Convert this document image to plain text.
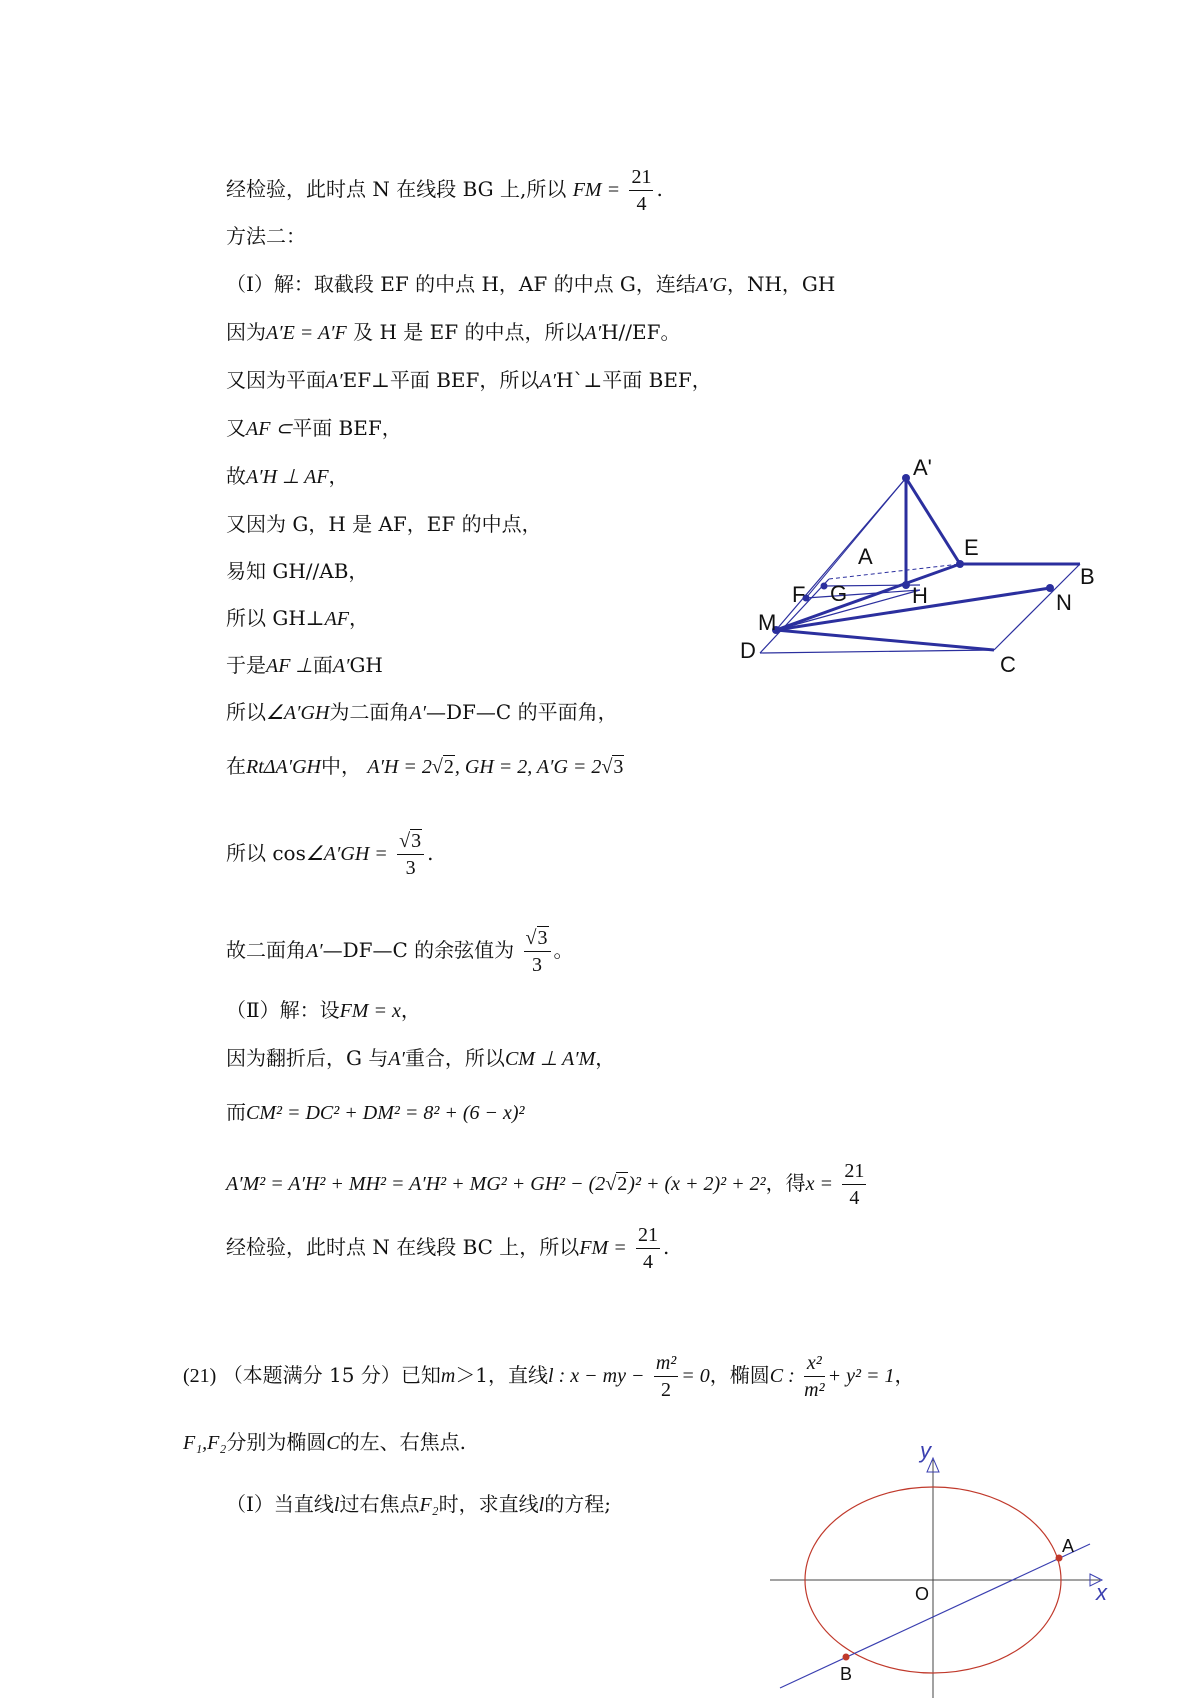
经检验，此时点 N 在线段 BG 上,所以 FM = $\frac{21}{4}$ .
方法二：
（Ⅰ）解：取截段 EF 的中点 H，AF 的中点 G，连结A′G，NH，GH
因为A′E = A′F 及 H 是 EF 的中点，所以A′H//EF。
又因为平面A′EF⊥平面 BEF，所以A′H`⊥平面 BEF，
又AF ⊂平面 BEF，
故A′H ⊥ AF，
又因为 G，H 是 AF，EF 的中点，
易知 GH//AB，
所以 GH⊥AF，
于是AF ⊥面A′GH
所以∠A′GH为二面角A′—DF—C 的平面角，
在RtΔA′GH中， A′H = 2√2, GH = 2, A′G = 2√3
所以 cos∠A′GH = $\frac{√3}{3}$ .
故二面角A′—DF—C 的余弦值为 $\frac{√3}{3}$ 。
（Ⅱ）解：设FM = x，
因为翻折后，G 与A′重合，所以CM ⊥ A′M，
而CM² = DC² + DM² = 8² + (6 − x)²
A′M² = A′H² + MH² = A′H² + MG² + GH² − (2√2)² + (x + 2)² + 2²，得$x = \frac{21}{4}$
经检验，此时点 N 在线段 BC 上，所以FM = $\frac{21}{4}$ .
(21) （本题满分 15 分）已知m＞1，直线l : x − my − $\frac{\text{m²}}{2} = 0$，椭圆C : $\frac{\text{x²}}{\text{m²}} + y^2 = 1$，
F₁,F₂分别为椭圆C的左、右焦点.
（Ⅰ）当直线l过右焦点F₂时，求直线l的方程;
A'
A	E
B
F G	H
M
N
D
C
y
x
O
A
B
